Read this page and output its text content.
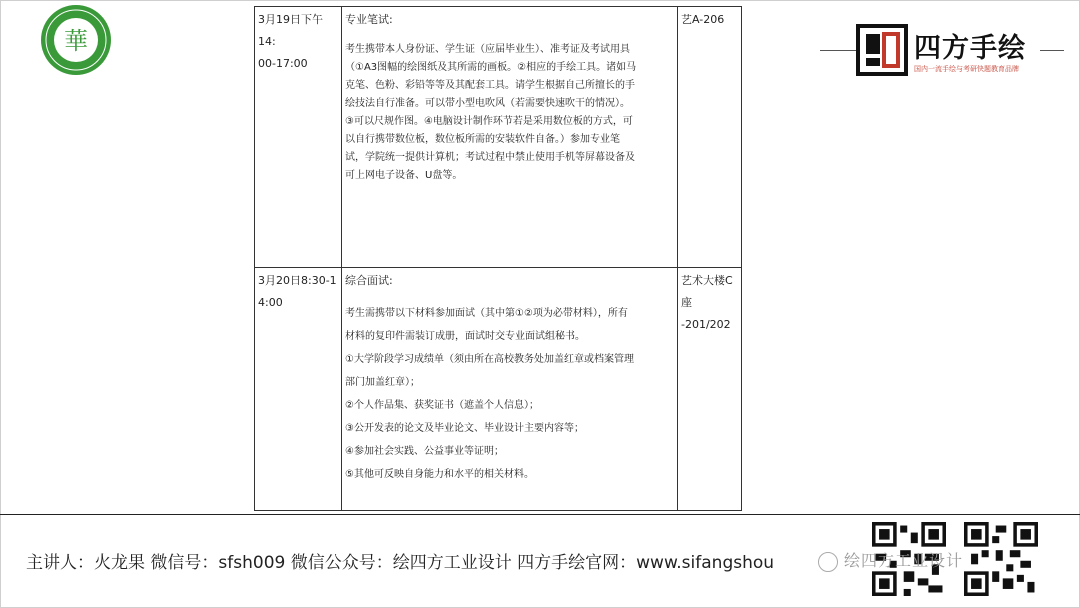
華	四方手绘
国内一流手绘与考研快题教育品牌
3月19日下午14:
00-17:00
专业笔试:
考生携带本人身份证、学生证（应届毕业生）、准考证及考试用具
（①A3图幅的绘图纸及其所需的画板。②相应的手绘工具。诸如马
克笔、色粉、彩铅等等及其配套工具。请学生根据自己所擅长的手
绘技法自行准备。可以带小型电吹风（若需要快速吹干的情况）。
③可以尺规作图。④电脑设计制作环节若是采用数位板的方式，可
以自行携带数位板，数位板所需的安装软件自备。）参加专业笔
试，学院统一提供计算机；考试过程中禁止使用手机等屏幕设备及
可上网电子设备、U盘等。
艺A-206
3月20日8:30-1
4:00
综合面试:
考生需携带以下材料参加面试（其中第①②项为必带材料），所有
材料的复印件需装订成册，面试时交专业面试组秘书。
①大学阶段学习成绩单（须由所在高校教务处加盖红章或档案管理
部门加盖红章）；
②个人作品集、获奖证书（遮盖个人信息）；
③公开发表的论文及毕业论文、毕业设计主要内容等；
④参加社会实践、公益事业等证明；
⑤其他可反映自身能力和水平的相关材料。
艺术大楼C座
-201/202
主讲人：火龙果 微信号：sfsh009 微信公众号：绘四方工业设计 四方手绘官网：www.sifangshou	绘四方工业设计
